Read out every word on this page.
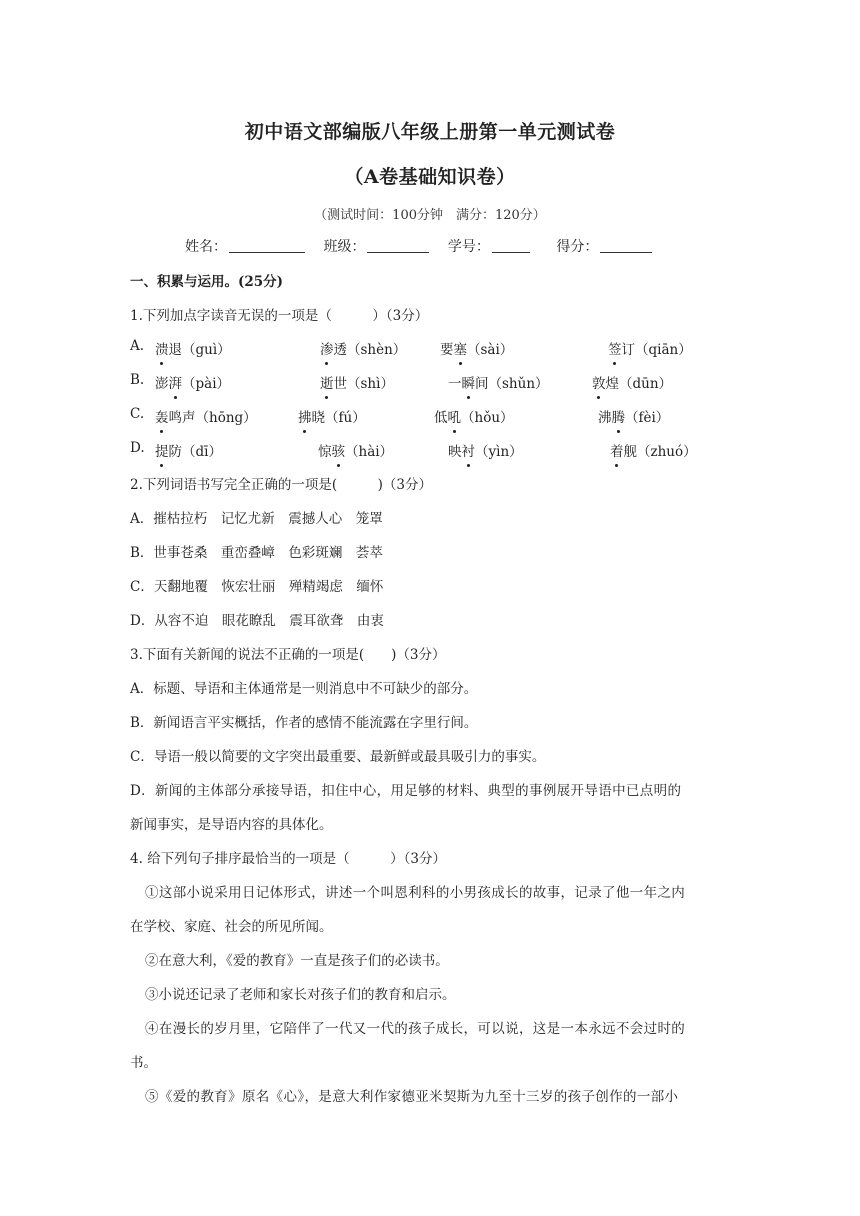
初中语文部编版八年级上册第一单元测试卷
（A卷基础知识卷）
（测试时间：100分钟　满分：120分）
姓名：	班级：	学号：	得分：
一、积累与运用。(25分)
1.下列加点字读音无误的一项是（　　　）（3分）
A. 溃退（guì）	渗透（shèn） 要塞（sài）	签订（qiān）
B. 澎湃（pài）	逝世（shì）	一瞬间（shǔn）	敦煌（dūn）
C. 轰鸣声（hōng）	拂晓（fú）	低吼（hǒu）	沸腾（fèi）
D. 提防（dī）	惊骇（hài）	映衬（yìn）	着舰（zhuó）
2.下列词语书写完全正确的一项是(　　　)（3分）
A．摧枯拉朽　记忆尤新　震撼人心　笼罩
B．世事苍桑　重峦叠嶂　色彩斑斓　荟萃
C．天翻地覆　恢宏壮丽　殚精竭虑　缅怀
D．从容不迫　眼花瞭乱　震耳欲聋　由衷
3.下面有关新闻的说法不正确的一项是(　　)（3分）
A．标题、导语和主体通常是一则消息中不可缺少的部分。
B．新闻语言平实概括，作者的感情不能流露在字里行间。
C．导语一般以简要的文字突出最重要、最新鲜或最具吸引力的事实。
D．新闻的主体部分承接导语，扣住中心，用足够的材料、典型的事例展开导语中已点明的
新闻事实，是导语内容的具体化。
4. 给下列句子排序最恰当的一项是（　　　）（3分）
①这部小说采用日记体形式，讲述一个叫恩利科的小男孩成长的故事，记录了他一年之内
在学校、家庭、社会的所见所闻。
②在意大利，《爱的教育》一直是孩子们的必读书。
③小说还记录了老师和家长对孩子们的教育和启示。
④在漫长的岁月里，它陪伴了一代又一代的孩子成长，可以说，这是一本永远不会过时的
书。
⑤《爱的教育》原名《心》，是意大利作家德亚米契斯为九至十三岁的孩子创作的一部小
